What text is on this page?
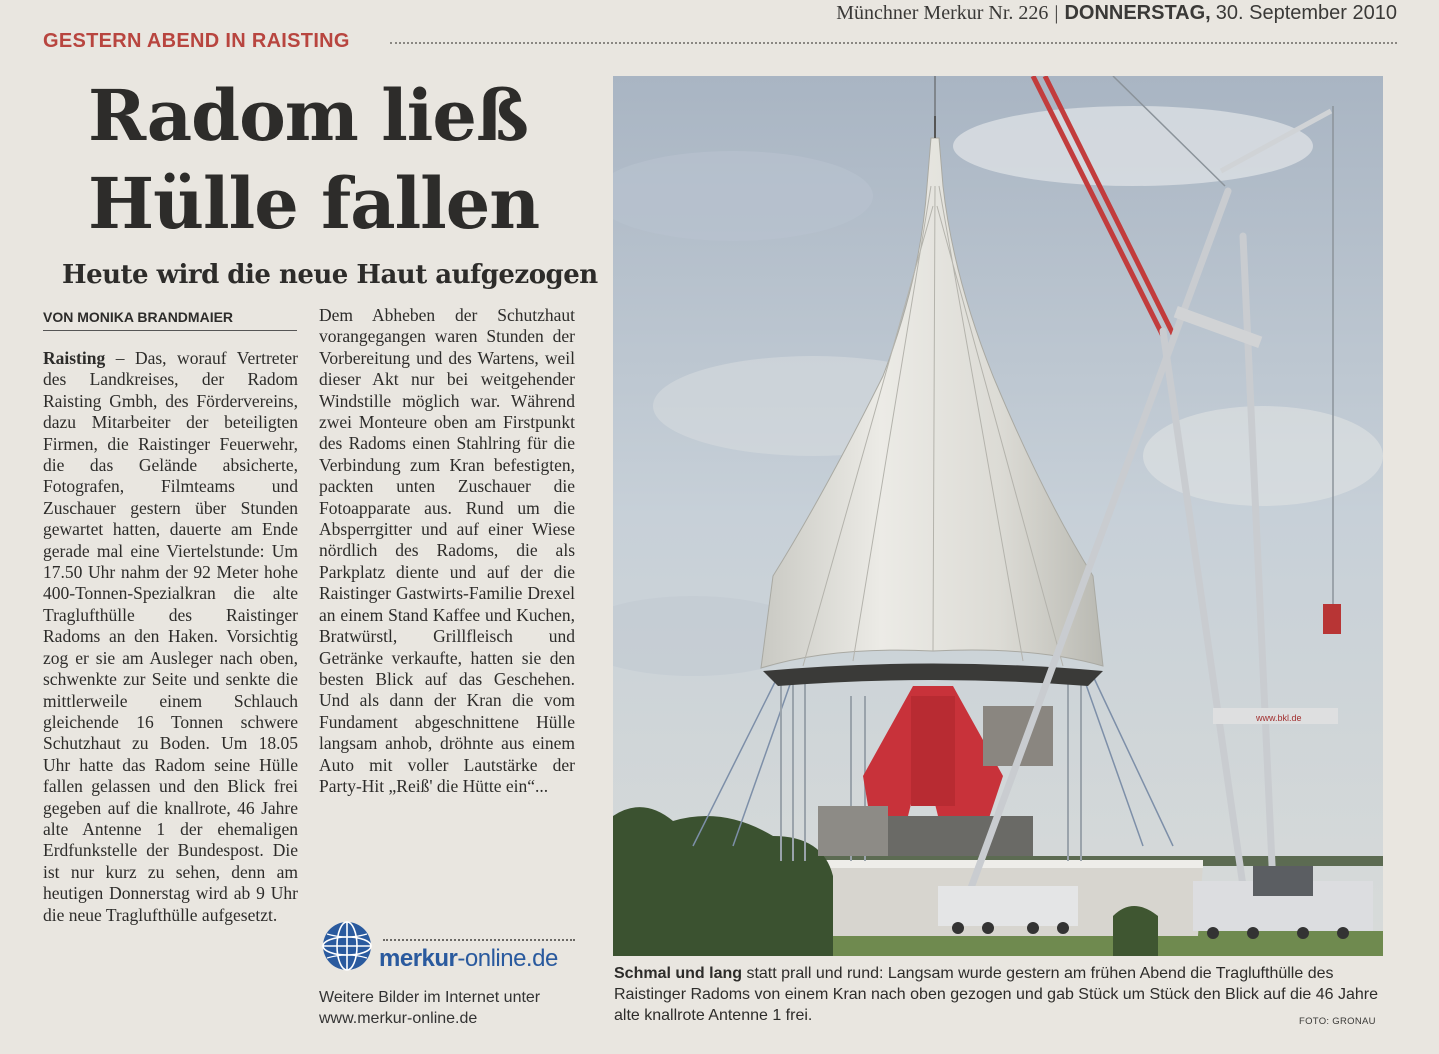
Münchner Merkur Nr. 226 | DONNERSTAG, 30. September 2010
GESTERN ABEND IN RAISTING
Radom ließ Hülle fallen
Heute wird die neue Haut aufgezogen
VON MONIKA BRANDMAIER
Raisting – Das, worauf Vertreter des Landkreises, der Radom Raisting Gmbh, des Fördervereins, dazu Mitarbeiter der beteiligten Firmen, die Raistinger Feuerwehr, die das Gelände absicherte, Fotografen, Filmteams und Zuschauer gestern über Stunden gewartet hatten, dauerte am Ende gerade mal eine Viertelstunde: Um 17.50 Uhr nahm der 92 Meter hohe 400-Tonnen-Spezialkran die alte Traglufthülle des Raistinger Radoms an den Haken. Vorsichtig zog er sie am Ausleger nach oben, schwenkte zur Seite und senkte die mittlerweile einem Schlauch gleichende 16 Tonnen schwere Schutzhaut zu Boden. Um 18.05 Uhr hatte das Radom seine Hülle fallen gelassen und den Blick frei gegeben auf die knallrote, 46 Jahre alte Antenne 1 der ehemaligen Erdfunkstelle der Bundespost. Die ist nur kurz zu sehen, denn am heutigen Donnerstag wird ab 9 Uhr die neue Traglufthülle aufgesetzt.
Dem Abheben der Schutzhaut vorangegangen waren Stunden der Vorbereitung und des Wartens, weil dieser Akt nur bei weitgehender Windstille möglich war. Während zwei Monteure oben am Firstpunkt des Radoms einen Stahlring für die Verbindung zum Kran befestigten, packten unten Zuschauer die Fotoapparate aus. Rund um die Absperrgitter und auf einer Wiese nördlich des Radoms, die als Parkplatz diente und auf der die Raistinger Gastwirts-Familie Drexel an einem Stand Kaffee und Kuchen, Bratwürstl, Grillfleisch und Getränke verkaufte, hatten sie den besten Blick auf das Geschehen. Und als dann der Kran die vom Fundament abgeschnittene Hülle langsam anhob, dröhnte aus einem Auto mit voller Lautstärke der Party-Hit „Reiß' die Hütte ein“...
merkur-online.de
Weitere Bilder im Internet unter www.merkur-online.de
www.bkl.de
Schmal und lang statt prall und rund: Langsam wurde gestern am frühen Abend die Traglufthülle des Raistinger Radoms von einem Kran nach oben gezogen und gab Stück um Stück den Blick auf die 46 Jahre alte knallrote Antenne 1 frei.	FOTO: GRONAU
